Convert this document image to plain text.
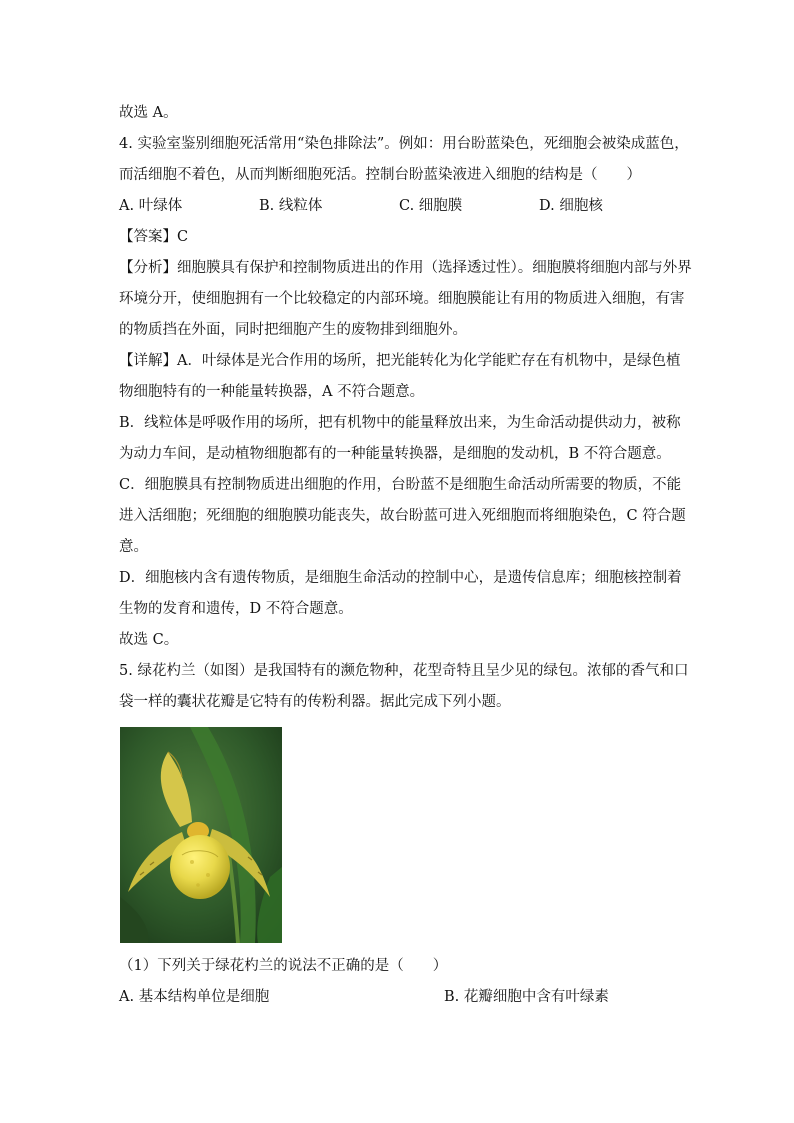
故选 A。
4. 实验室鉴别细胞死活常用“染色排除法”。例如：用台盼蓝染色，死细胞会被染成蓝色，
而活细胞不着色，从而判断细胞死活。控制台盼蓝染液进入细胞的结构是（　　）
A. 叶绿体	B. 线粒体	C. 细胞膜	D. 细胞核
【答案】C
【分析】细胞膜具有保护和控制物质进出的作用（选择透过性）。细胞膜将细胞内部与外界
环境分开，使细胞拥有一个比较稳定的内部环境。细胞膜能让有用的物质进入细胞，有害
的物质挡在外面，同时把细胞产生的废物排到细胞外。
【详解】A．叶绿体是光合作用的场所，把光能转化为化学能贮存在有机物中，是绿色植
物细胞特有的一种能量转换器，A 不符合题意。
B．线粒体是呼吸作用的场所，把有机物中的能量释放出来，为生命活动提供动力，被称
为动力车间，是动植物细胞都有的一种能量转换器，是细胞的发动机，B 不符合题意。
C．细胞膜具有控制物质进出细胞的作用，台盼蓝不是细胞生命活动所需要的物质，不能
进入活细胞；死细胞的细胞膜功能丧失，故台盼蓝可进入死细胞而将细胞染色，C 符合题
意。
D．细胞核内含有遗传物质，是细胞生命活动的控制中心，是遗传信息库；细胞核控制着
生物的发育和遗传，D 不符合题意。
故选 C。
5. 绿花杓兰（如图）是我国特有的濒危物种，花型奇特且呈少见的绿包。浓郁的香气和口
袋一样的囊状花瓣是它特有的传粉利器。据此完成下列小题。
（1）下列关于绿花杓兰的说法不正确的是（　　）
A. 基本结构单位是细胞	B. 花瓣细胞中含有叶绿素
